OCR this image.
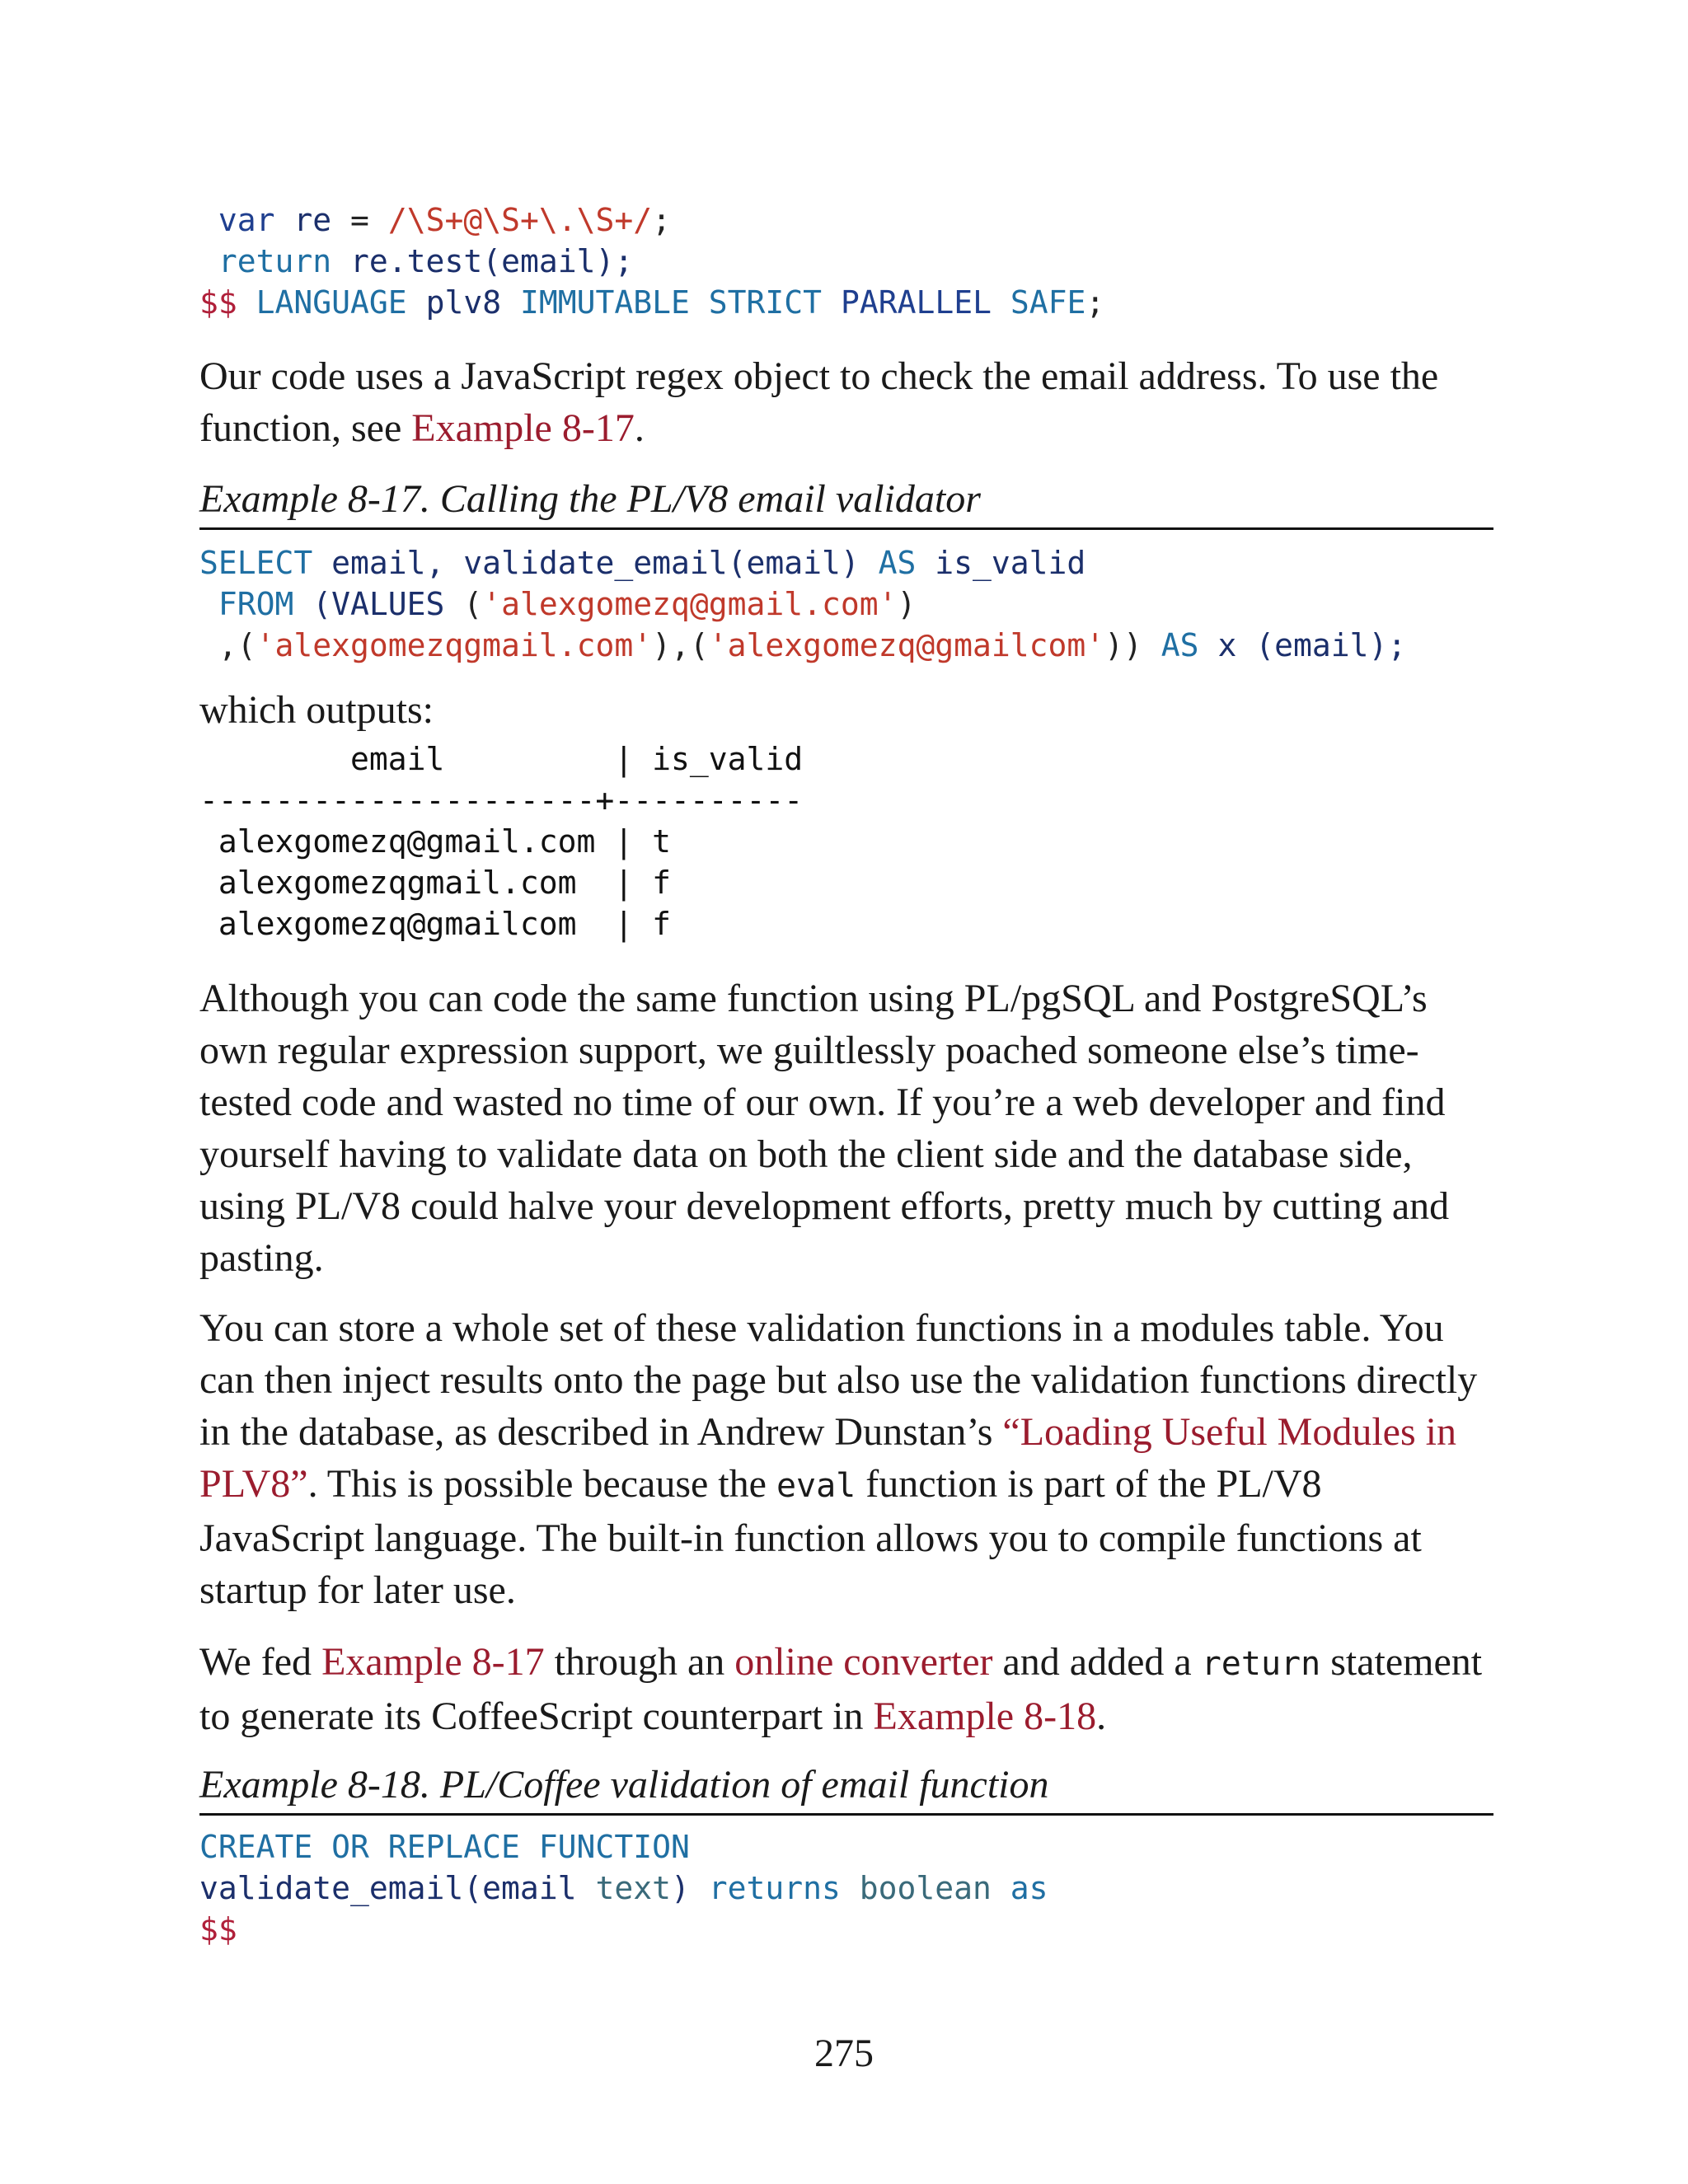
var re = /\S+@\S+\.\S+/;
return re.test(email);
$$ LANGUAGE plv8 IMMUTABLE STRICT PARALLEL SAFE;

Our code uses a JavaScript regex object to check the email address. To use the function, see Example 8-17.

Example 8-17. Calling the PL/V8 email validator

SELECT email, validate_email(email) AS is_valid
FROM (VALUES ('alexgomezq@gmail.com')
,('alexgomezqgmail.com'),('alexgomezq@gmailcom')) AS x (email);

which outputs:

email         | is_valid
---------------------+----------
alexgomezq@gmail.com | t
alexgomezqgmail.com  | f
alexgomezq@gmailcom  | f

Although you can code the same function using PL/pgSQL and PostgreSQL’s own regular expression support, we guiltlessly poached someone else’s time-tested code and wasted no time of our own. If you’re a web developer and find yourself having to validate data on both the client side and the database side, using PL/V8 could halve your development efforts, pretty much by cutting and pasting.

You can store a whole set of these validation functions in a modules table. You can then inject results onto the page but also use the validation functions directly in the database, as described in Andrew Dunstan’s “Loading Useful Modules in PLV8”. This is possible because the eval function is part of the PL/V8 JavaScript language. The built-in function allows you to compile functions at startup for later use.

We fed Example 8-17 through an online converter and added a return statement to generate its CoffeeScript counterpart in Example 8-18.

Example 8-18. PL/Coffee validation of email function

CREATE OR REPLACE FUNCTION
validate_email(email text) returns boolean as
$$
275
